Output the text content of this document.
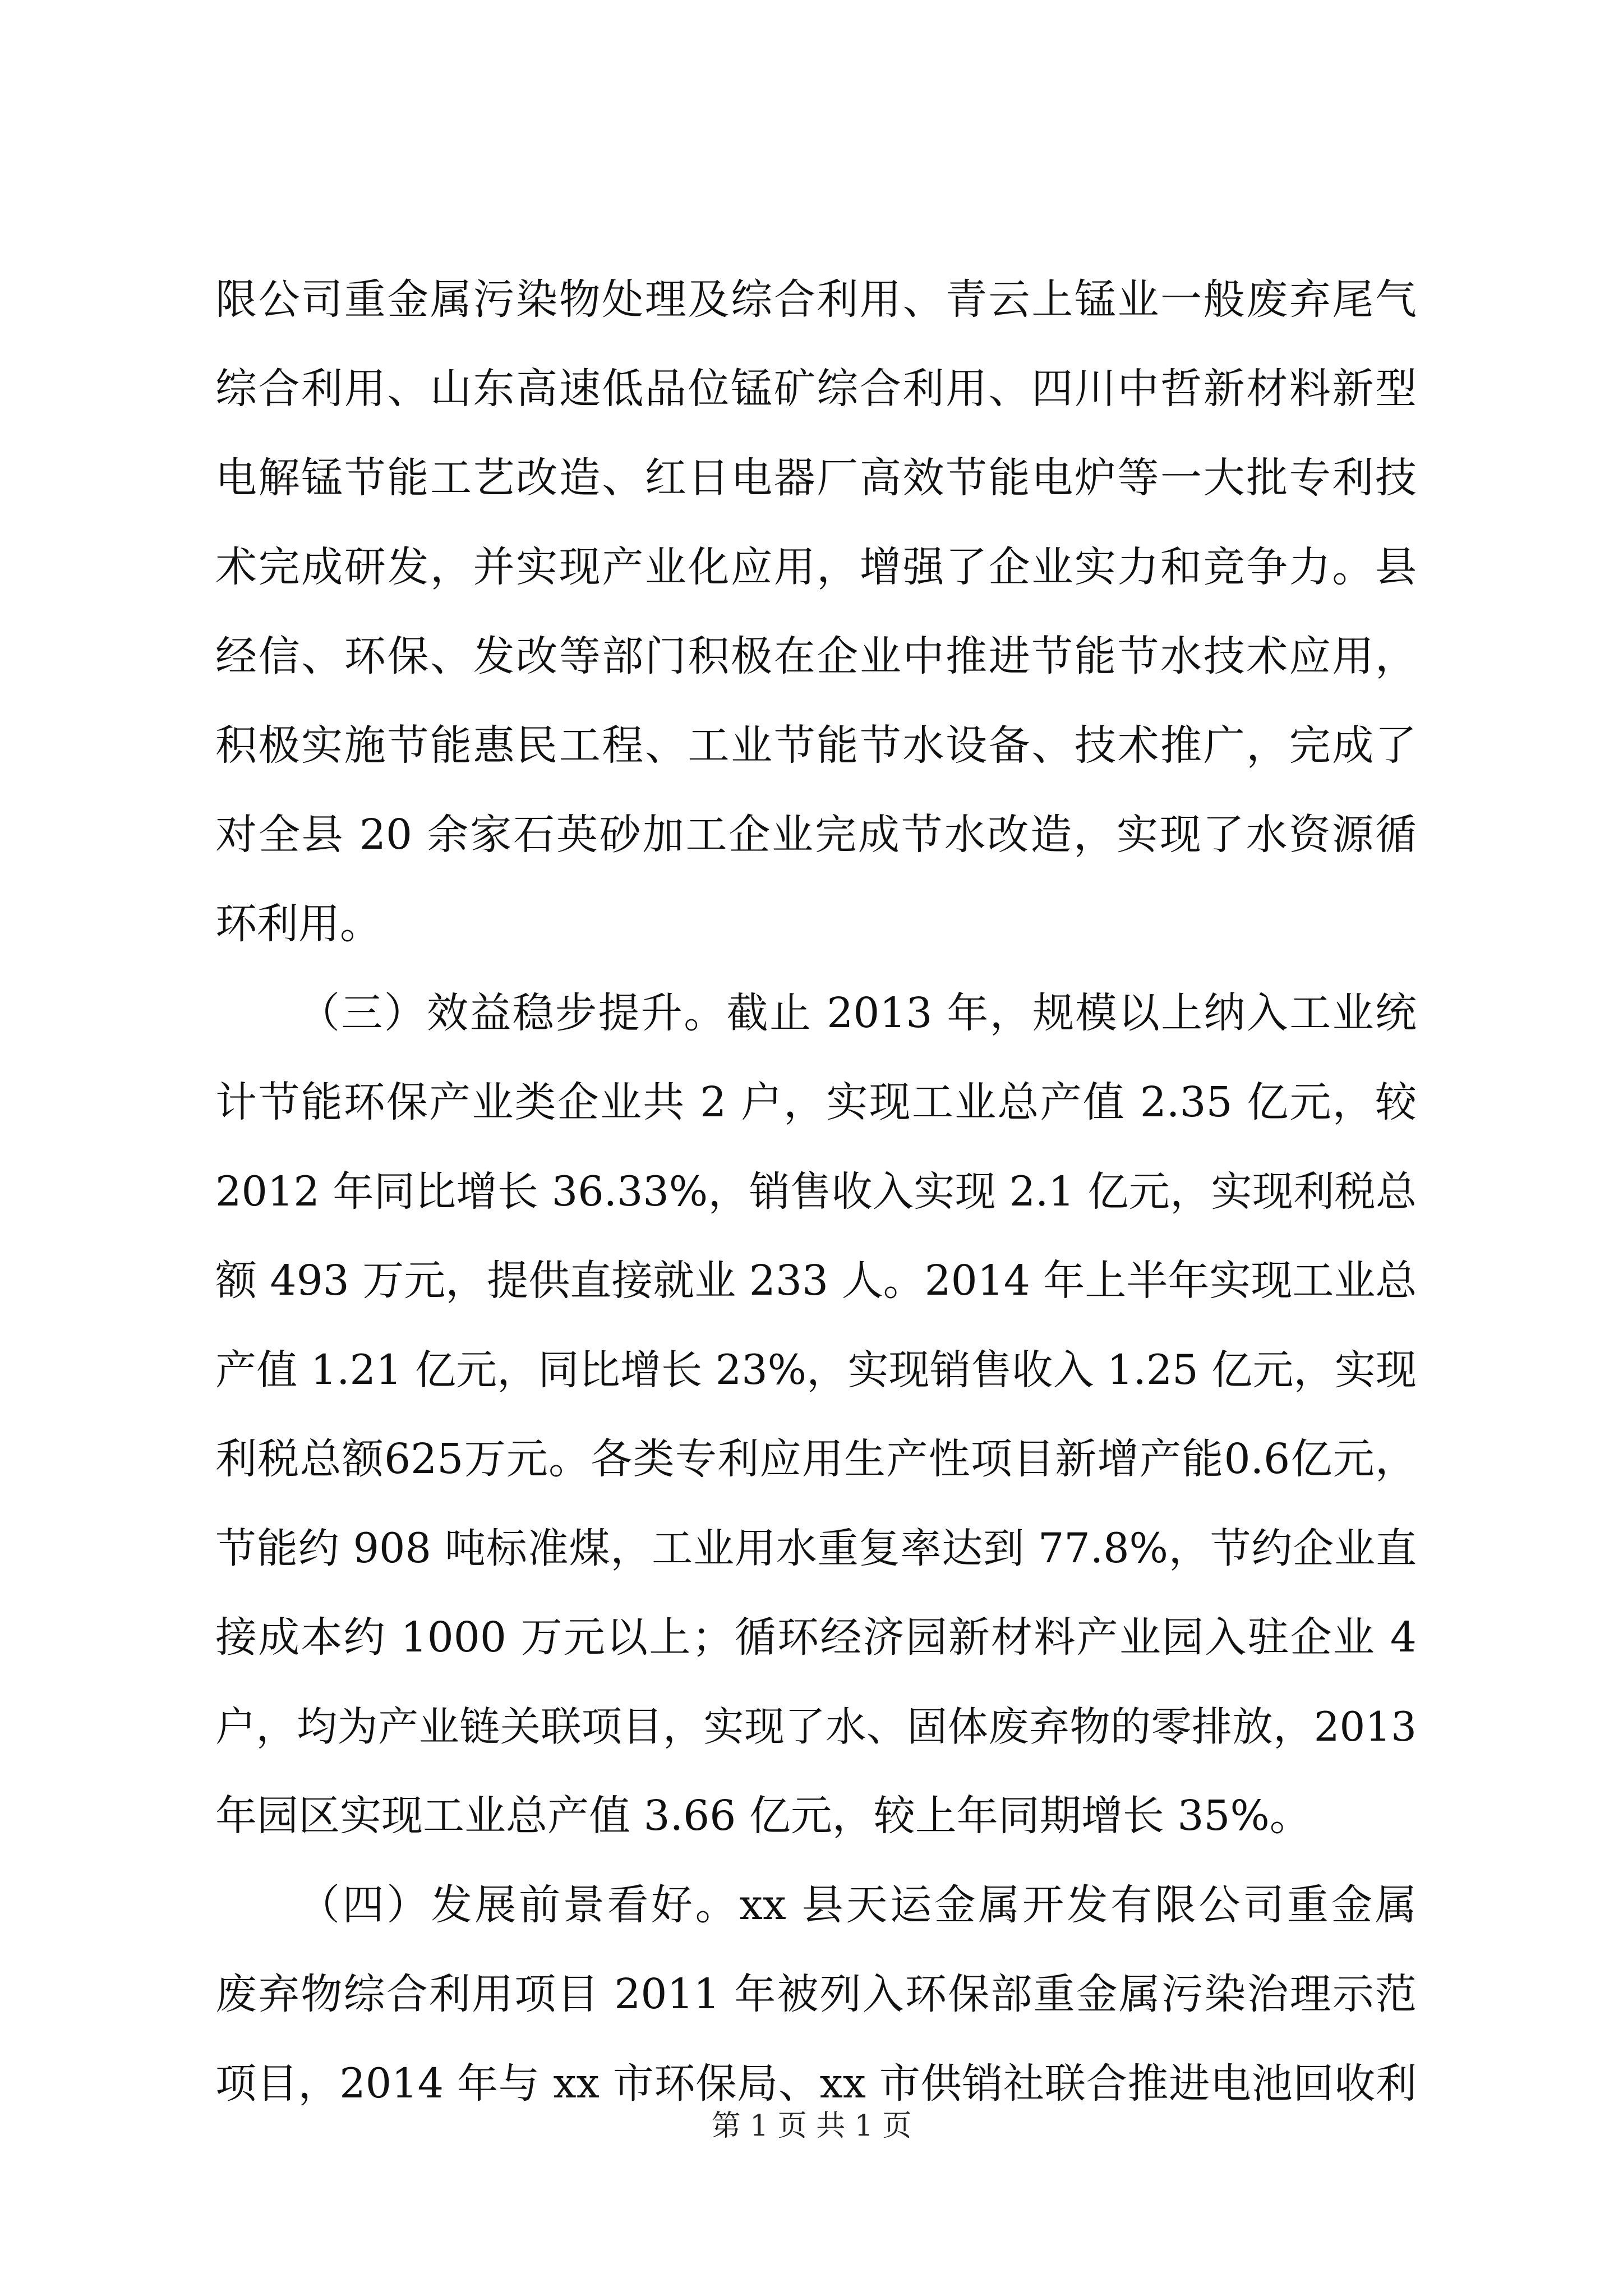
限公司重金属污染物处理及综合利用、青云上锰业一般废弃尾气
综合利用、山东高速低品位锰矿综合利用、四川中哲新材料新型
电解锰节能工艺改造、红日电器厂高效节能电炉等一大批专利技
术完成研发，并实现产业化应用，增强了企业实力和竞争力。县
经信、环保、发改等部门积极在企业中推进节能节水技术应用，
积极实施节能惠民工程、工业节能节水设备、技术推广，完成了
对全县 20 余家石英砂加工企业完成节水改造，实现了水资源循
环利用。
（三）效益稳步提升。截止 2013 年，规模以上纳入工业统
计节能环保产业类企业共 2 户，实现工业总产值 2.35 亿元，较
2012 年同比增长 36.33%，销售收入实现 2.1 亿元，实现利税总
额 493 万元，提供直接就业 233 人。2014 年上半年实现工业总
产值 1.21 亿元，同比增长 23%，实现销售收入 1.25 亿元，实现
利税总额625万元。各类专利应用生产性项目新增产能0.6亿元，
节能约 908 吨标准煤，工业用水重复率达到 77.8%，节约企业直
接成本约 1000 万元以上；循环经济园新材料产业园入驻企业 4
户，均为产业链关联项目，实现了水、固体废弃物的零排放，2013
年园区实现工业总产值 3.66 亿元，较上年同期增长 35%。
（四）发展前景看好。xx 县天运金属开发有限公司重金属
废弃物综合利用项目 2011 年被列入环保部重金属污染治理示范
项目，2014 年与 xx 市环保局、xx 市供销社联合推进电池回收利
第 1 页 共 1 页
